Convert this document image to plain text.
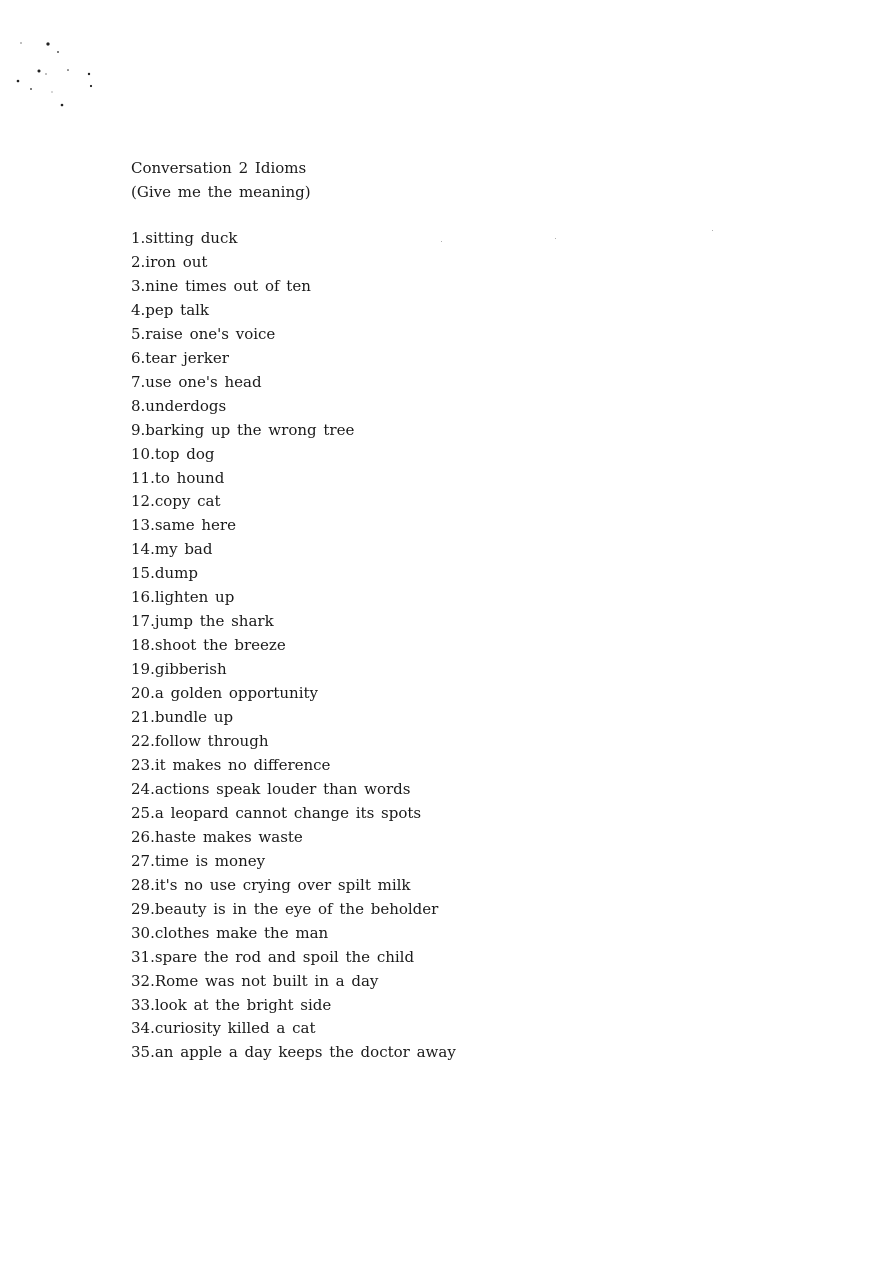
Conversation 2 Idioms
(Give me the meaning)
1.sitting duck
2.iron out
3.nine times out of ten
4.pep talk
5.raise one's voice
6.tear jerker
7.use one's head
8.underdogs
9.barking up the wrong tree
10.top dog
11.to hound
12.copy cat
13.same here
14.my bad
15.dump
16.lighten up
17.jump the shark
18.shoot the breeze
19.gibberish
20.a golden opportunity
21.bundle up
22.follow through
23.it makes no difference
24.actions speak louder than words
25.a leopard cannot change its spots
26.haste makes waste
27.time is money
28.it's no use crying over spilt milk
29.beauty is in the eye of the beholder
30.clothes make the man
31.spare the rod and spoil the child
32.Rome was not built in a day
33.look at the bright side
34.curiosity killed a cat
35.an apple a day keeps the doctor away
